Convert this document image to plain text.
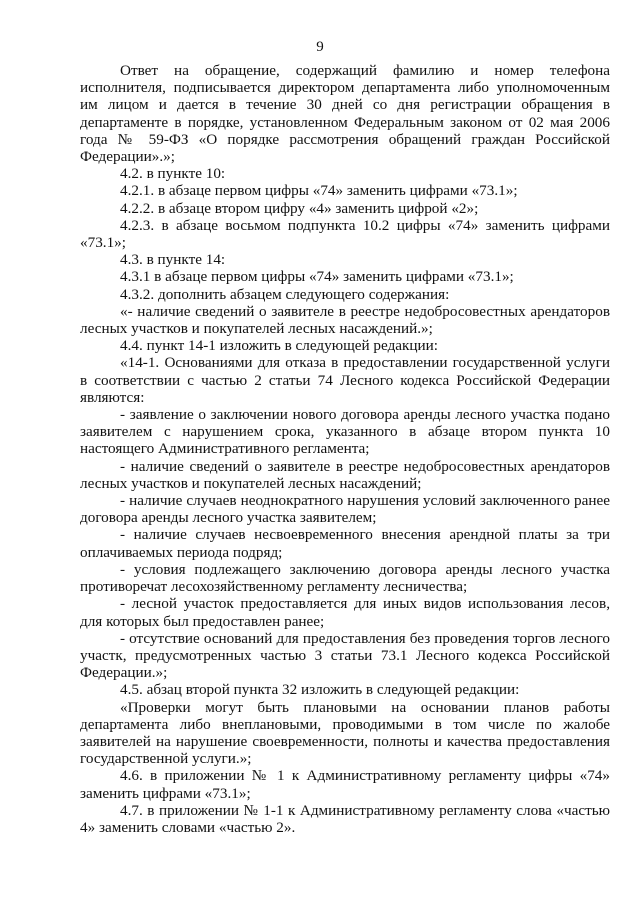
9

Ответ на обращение, содержащий фамилию и номер телефона исполнителя, подписывается директором департамента либо уполномоченным им лицом и дается в течение 30 дней со дня регистрации обращения в департаменте в порядке, установленном Федеральным законом от 02 мая 2006 года № 59-ФЗ «О порядке рассмотрения обращений граждан Российской Федерации».»;

4.2. в пункте 10:

4.2.1. в абзаце первом цифры «74» заменить цифрами «73.1»;

4.2.2. в абзаце втором цифру «4» заменить цифрой «2»;

4.2.3. в абзаце восьмом подпункта 10.2 цифры «74» заменить цифрами «73.1»;

4.3. в пункте 14:

4.3.1 в абзаце первом цифры «74» заменить цифрами «73.1»;

4.3.2. дополнить абзацем следующего содержания:

«- наличие сведений о заявителе в реестре недобросовестных арендаторов лесных участков и покупателей лесных насаждений.»;

4.4. пункт 14-1 изложить в следующей редакции:

«14-1. Основаниями для отказа в предоставлении государственной услуги в соответствии с частью 2 статьи 74 Лесного кодекса Российской Федерации являются:

- заявление о заключении нового договора аренды лесного участка подано заявителем с нарушением срока, указанного в абзаце втором пункта 10 настоящего Административного регламента;

- наличие сведений о заявителе в реестре недобросовестных арендаторов лесных участков и покупателей лесных насаждений;

- наличие случаев неоднократного нарушения условий заключенного ранее договора аренды лесного участка заявителем;

- наличие случаев несвоевременного внесения арендной платы за три оплачиваемых периода подряд;

- условия подлежащего заключению договора аренды лесного участка противоречат лесохозяйственному регламенту лесничества;

- лесной участок предоставляется для иных видов использования лесов, для которых был предоставлен ранее;

- отсутствие оснований для предоставления без проведения торгов лесного участк, предусмотренных частью 3 статьи 73.1 Лесного кодекса Российской Федерации.»;

4.5. абзац второй пункта 32 изложить в следующей редакции:

«Проверки могут быть плановыми на основании планов работы департамента либо внеплановыми, проводимыми в том числе по жалобе заявителей на нарушение своевременности, полноты и качества предоставления государственной услуги.»;

4.6. в приложении № 1 к Административному регламенту цифры «74» заменить цифрами «73.1»;

4.7. в приложении № 1-1 к Административному регламенту слова «частью 4» заменить словами «частью 2».
